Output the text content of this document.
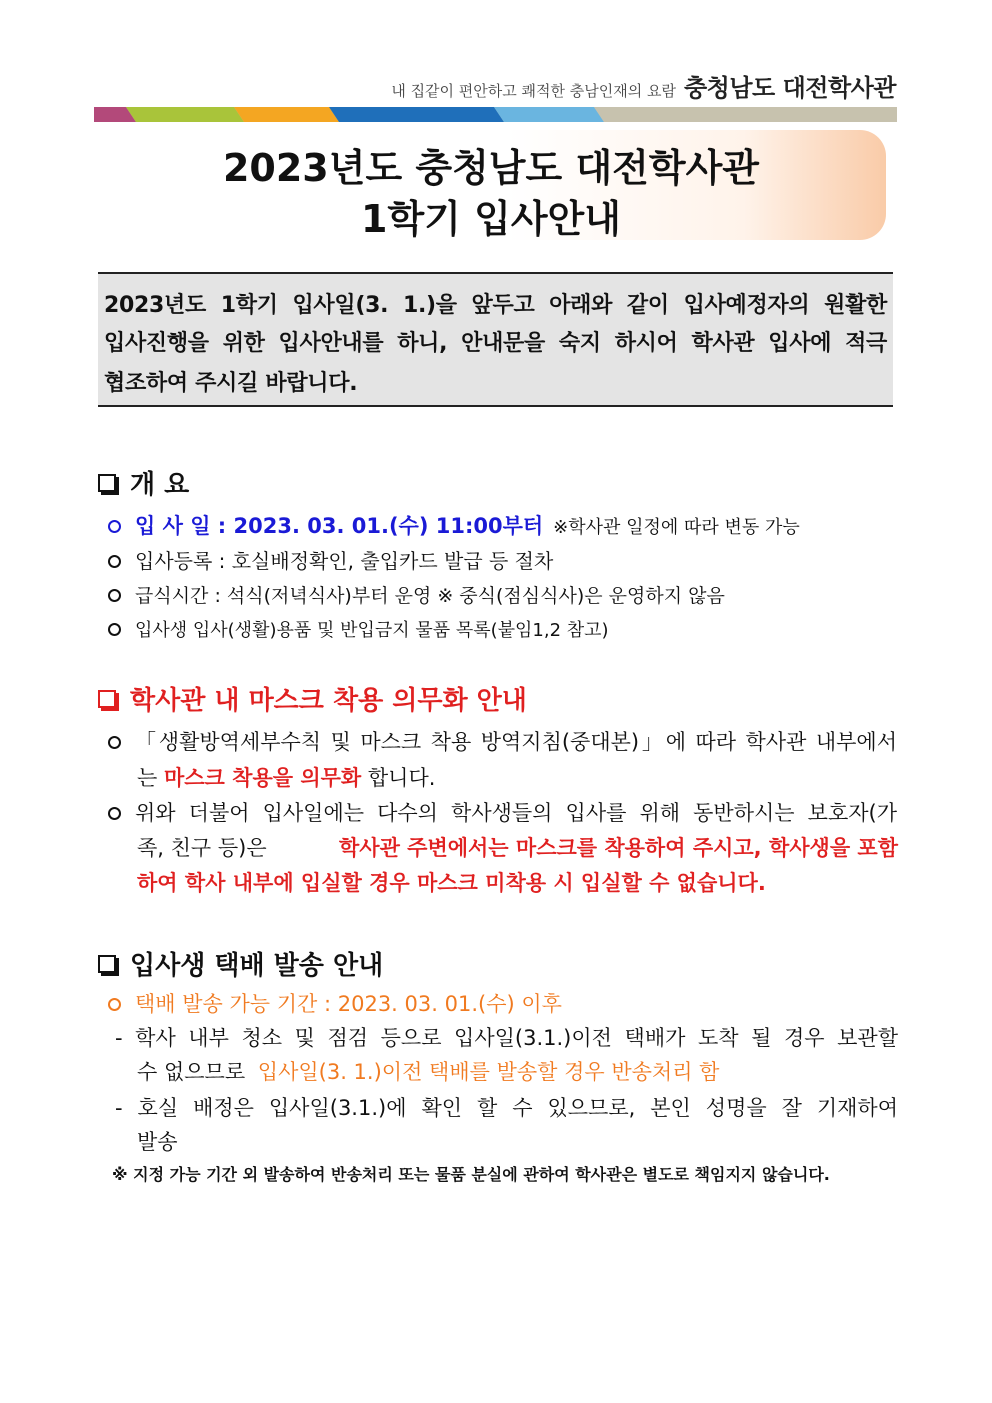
내 집같이 편안하고 쾌적한 충남인재의 요람 충청남도 대전학사관
2023년도 충청남도 대전학사관
1학기 입사안내

2023년도 1학기 입사일(3. 1.)을 앞두고 아래와 같이 입사예정자의 원활한

입사진행을 위한 입사안내를 하니, 안내문을 숙지 하시어 학사관 입사에 적극

협조하여 주시길 바랍니다.

개 요
입 사 일 : 2023. 03. 01.(수) 11:00부터 ※학사관 일정에 따라 변동 가능
입사등록 : 호실배정확인, 출입카드 발급 등 절차
급식시간 : 석식(저녁식사)부터 운영 ※ 중식(점심식사)은 운영하지 않음
입사생 입사(생활)용품 및 반입금지 물품 목록(붙임1,2 참고)
학사관 내 마스크 착용 의무화 안내
「생활방역세부수칙 및 마스크 착용 방역지침(중대본)」에 따라 학사관 내부에서
는 마스크 착용을 의무화 합니다.
위와 더불어 입사일에는 다수의 학사생들의 입사를 위해 동반하시는 보호자(가
족, 친구 등)은	학사관 주변에서는 마스크를 착용하여 주시고, 학사생을 포함
하여 학사 내부에 입실할 경우 마스크 미착용 시 입실할 수 없습니다.
입사생 택배 발송 안내
택배 발송 가능 기간 : 2023. 03. 01.(수) 이후
- 학사 내부 청소 및 점검 등으로 입사일(3.1.)이전 택배가 도착 될 경우 보관할
수 없으므로 입사일(3. 1.)이전 택배를 발송할 경우 반송처리 함
- 호실 배정은 입사일(3.1.)에 확인 할 수 있으므로, 본인 성명을 잘 기재하여
발송
※ 지정 가능 기간 외 발송하여 반송처리 또는 물품 분실에 관하여 학사관은 별도로 책임지지 않습니다.
